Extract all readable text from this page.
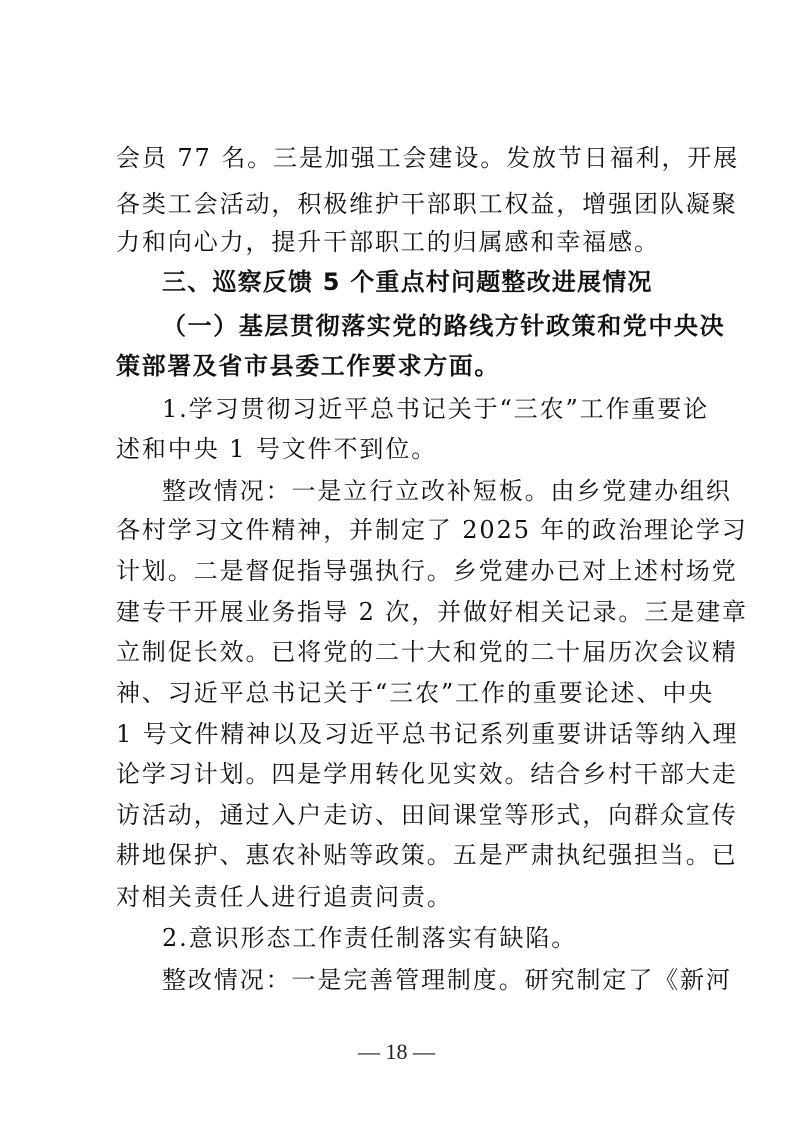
会员 77 名。三是加强工会建设。发放节日福利，开展
各类工会活动，积极维护干部职工权益，增强团队凝聚
力和向心力，提升干部职工的归属感和幸福感。
三、巡察反馈 5 个重点村问题整改进展情况
（一）基层贯彻落实党的路线方针政策和党中央决
策部署及省市县委工作要求方面。
1.学习贯彻习近平总书记关于“三农”工作重要论
述和中央 1 号文件不到位。
整改情况：一是立行立改补短板。由乡党建办组织
各村学习文件精神，并制定了 2025 年的政治理论学习
计划。二是督促指导强执行。乡党建办已对上述村场党
建专干开展业务指导 2 次，并做好相关记录。三是建章
立制促长效。已将党的二十大和党的二十届历次会议精
神、习近平总书记关于“三农”工作的重要论述、中央
1 号文件精神以及习近平总书记系列重要讲话等纳入理
论学习计划。四是学用转化见实效。结合乡村干部大走
访活动，通过入户走访、田间课堂等形式，向群众宣传
耕地保护、惠农补贴等政策。五是严肃执纪强担当。已
对相关责任人进行追责问责。
2.意识形态工作责任制落实有缺陷。
整改情况：一是完善管理制度。研究制定了《新河
— 18 —
